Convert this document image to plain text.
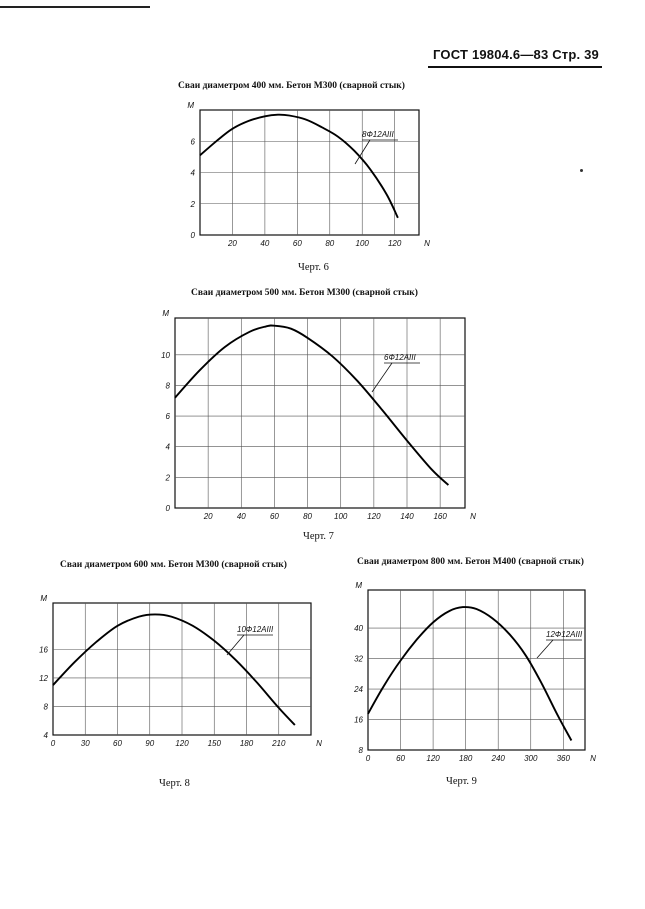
ГОСТ 19804.6—83 Стр. 39
Сваи диаметром 400 мм. Бетон М300 (сварной стык)
20	40	60	80	100 120
0
2
4
6
M
N
8Ф12АIII
Черт. 6
Сваи диаметром 500 мм. Бетон М300 (сварной стык)
20	40	60	80	100 120 140 160
0
2
4
6
8
10
M
N
6Ф12АIII
Черт. 7
Сваи диаметром 600 мм. Бетон М300 (сварной стык)
0	30	60	90	120 150 180 210
4
8
12
16
M
N
10Ф12АIII
Черт. 8
Сваи диаметром 800 мм. Бетон М400 (сварной стык)
0	60	120 180 240 300 360
8
16
24
32
40
M
N
12Ф12АIII
Черт. 9
